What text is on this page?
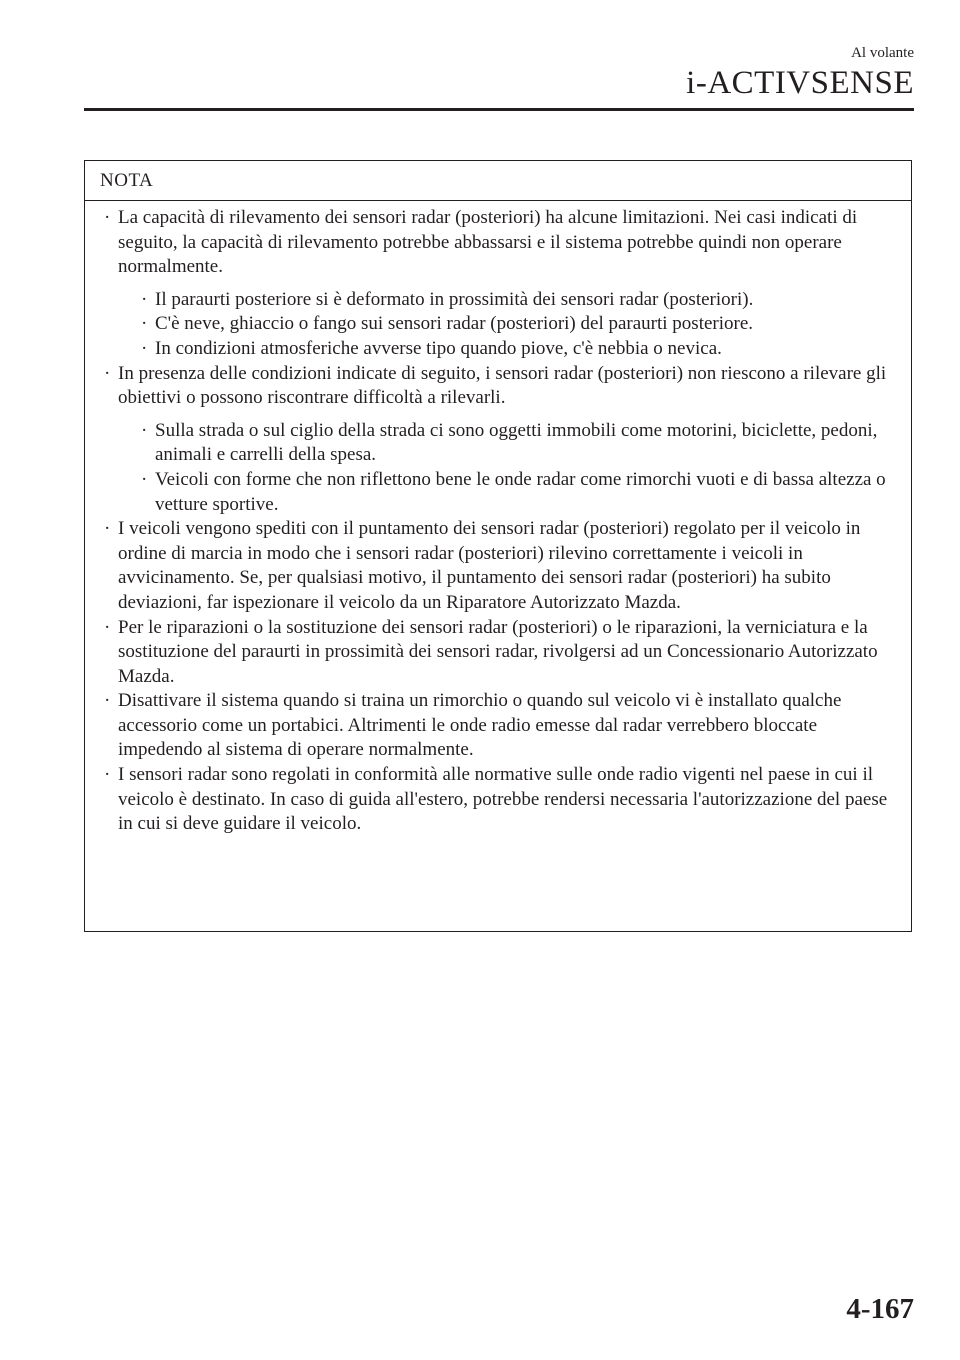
Al volante
i-ACTIVSENSE
NOTA
· La capacità di rilevamento dei sensori radar (posteriori) ha alcune limitazioni. Nei casi indicati di seguito, la capacità di rilevamento potrebbe abbassarsi e il sistema potrebbe quindi non operare normalmente.
· Il paraurti posteriore si è deformato in prossimità dei sensori radar (posteriori).
· C'è neve, ghiaccio o fango sui sensori radar (posteriori) del paraurti posteriore.
· In condizioni atmosferiche avverse tipo quando piove, c'è nebbia o nevica.
· In presenza delle condizioni indicate di seguito, i sensori radar (posteriori) non riescono a rilevare gli obiettivi o possono riscontrare difficoltà a rilevarli.
· Sulla strada o sul ciglio della strada ci sono oggetti immobili come motorini, biciclette, pedoni, animali e carrelli della spesa.
· Veicoli con forme che non riflettono bene le onde radar come rimorchi vuoti e di bassa altezza o vetture sportive.
· I veicoli vengono spediti con il puntamento dei sensori radar (posteriori) regolato per il veicolo in ordine di marcia in modo che i sensori radar (posteriori) rilevino correttamente i veicoli in avvicinamento. Se, per qualsiasi motivo, il puntamento dei sensori radar (posteriori) ha subito deviazioni, far ispezionare il veicolo da un Riparatore Autorizzato Mazda.
· Per le riparazioni o la sostituzione dei sensori radar (posteriori) o le riparazioni, la verniciatura e la sostituzione del paraurti in prossimità dei sensori radar, rivolgersi ad un Concessionario Autorizzato Mazda.
· Disattivare il sistema quando si traina un rimorchio o quando sul veicolo vi è installato qualche accessorio come un portabici. Altrimenti le onde radio emesse dal radar verrebbero bloccate impedendo al sistema di operare normalmente.
· I sensori radar sono regolati in conformità alle normative sulle onde radio vigenti nel paese in cui il veicolo è destinato. In caso di guida all'estero, potrebbe rendersi necessaria l'autorizzazione del paese in cui si deve guidare il veicolo.
4-167
